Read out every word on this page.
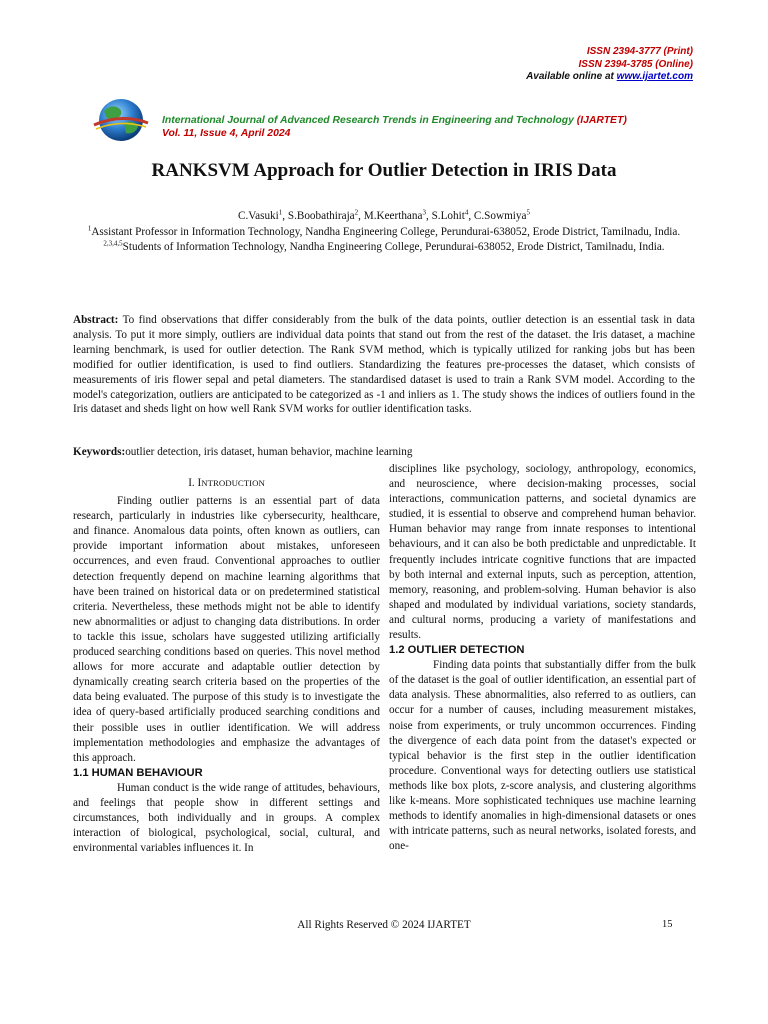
ISSN 2394-3777 (Print)
ISSN 2394-3785 (Online)
Available online at www.ijartet.com
International Journal of Advanced Research Trends in Engineering and Technology (IJARTET)
Vol. 11, Issue 4, April 2024
RANKSVM Approach for Outlier Detection in IRIS Data
C.Vasuki$^1$, S.Boobathiraja$^2$, M.Keerthana$^3$, S.Lohit$^4$, C.Sowmiya$^5$
$^1$Assistant Professor in Information Technology, Nandha Engineering College, Perundurai-638052, Erode District, Tamilnadu, India.
$^{2,3,4,5}$Students of Information Technology, Nandha Engineering College, Perundurai-638052, Erode District, Tamilnadu, India.
Abstract: To find observations that differ considerably from the bulk of the data points, outlier detection is an essential task in data analysis. To put it more simply, outliers are individual data points that stand out from the rest of the dataset. the Iris dataset, a machine learning benchmark, is used for outlier detection. The Rank SVM method, which is typically utilized for ranking jobs but has been modified for outlier identification, is used to find outliers. Standardizing the features pre-processes the dataset, which consists of measurements of iris flower sepal and petal diameters. The standardised dataset is used to train a Rank SVM model. According to the model's categorization, outliers are anticipated to be categorized as -1 and inliers as 1. The study shows the indices of outliers found in the Iris dataset and sheds light on how well Rank SVM works for outlier identification tasks.
Keywords:outlier detection, iris dataset, human behavior, machine learning
I. INTRODUCTION

Finding outlier patterns is an essential part of data research, particularly in industries like cybersecurity, healthcare, and finance. Anomalous data points, often known as outliers, can provide important information about mistakes, unforeseen occurrences, and even fraud. Conventional approaches to outlier detection frequently depend on machine learning algorithms that have been trained on historical data or on predetermined statistical criteria. Nevertheless, these methods might not be able to identify new abnormalities or adjust to changing data distributions. In order to tackle this issue, scholars have suggested utilizing artificially produced searching conditions based on queries. This novel method allows for more accurate and adaptable outlier detection by dynamically creating search criteria based on the properties of the data being evaluated. The purpose of this study is to investigate the idea of query-based artificially produced searching conditions and their possible uses in outlier identification. We will address implementation methodologies and emphasize the advantages of this approach.

1.1 HUMAN BEHAVIOUR

Human conduct is the wide range of attitudes, behaviours, and feelings that people show in different settings and circumstances, both individually and in groups. A complex interaction of biological, psychological, social, cultural, and environmental variables influences it. In

disciplines like psychology, sociology, anthropology, economics, and neuroscience, where decision-making processes, social interactions, communication patterns, and societal dynamics are studied, it is essential to observe and comprehend human behavior. Human behavior may range from innate responses to intentional behaviours, and it can also be both predictable and unpredictable. It frequently includes intricate cognitive functions that are impacted by both internal and external inputs, such as perception, attention, memory, reasoning, and problem-solving. Human behavior is also shaped and modulated by individual variations, society standards, and cultural norms, producing a variety of manifestations and results.

1.2 OUTLIER DETECTION

Finding data points that substantially differ from the bulk of the dataset is the goal of outlier identification, an essential part of data analysis. These abnormalities, also referred to as outliers, can occur for a number of causes, including measurement mistakes, noise from experiments, or truly uncommon occurrences. Finding the divergence of each data point from the dataset's expected or typical behavior is the first step in the outlier identification procedure. Conventional ways for detecting outliers use statistical methods like box plots, z-score analysis, and clustering algorithms like k-means. More sophisticated techniques use machine learning methods to identify anomalies in high-dimensional datasets or ones with intricate patterns, such as neural networks, isolated forests, and one-

All Rights Reserved © 2024 IJARTET	15
